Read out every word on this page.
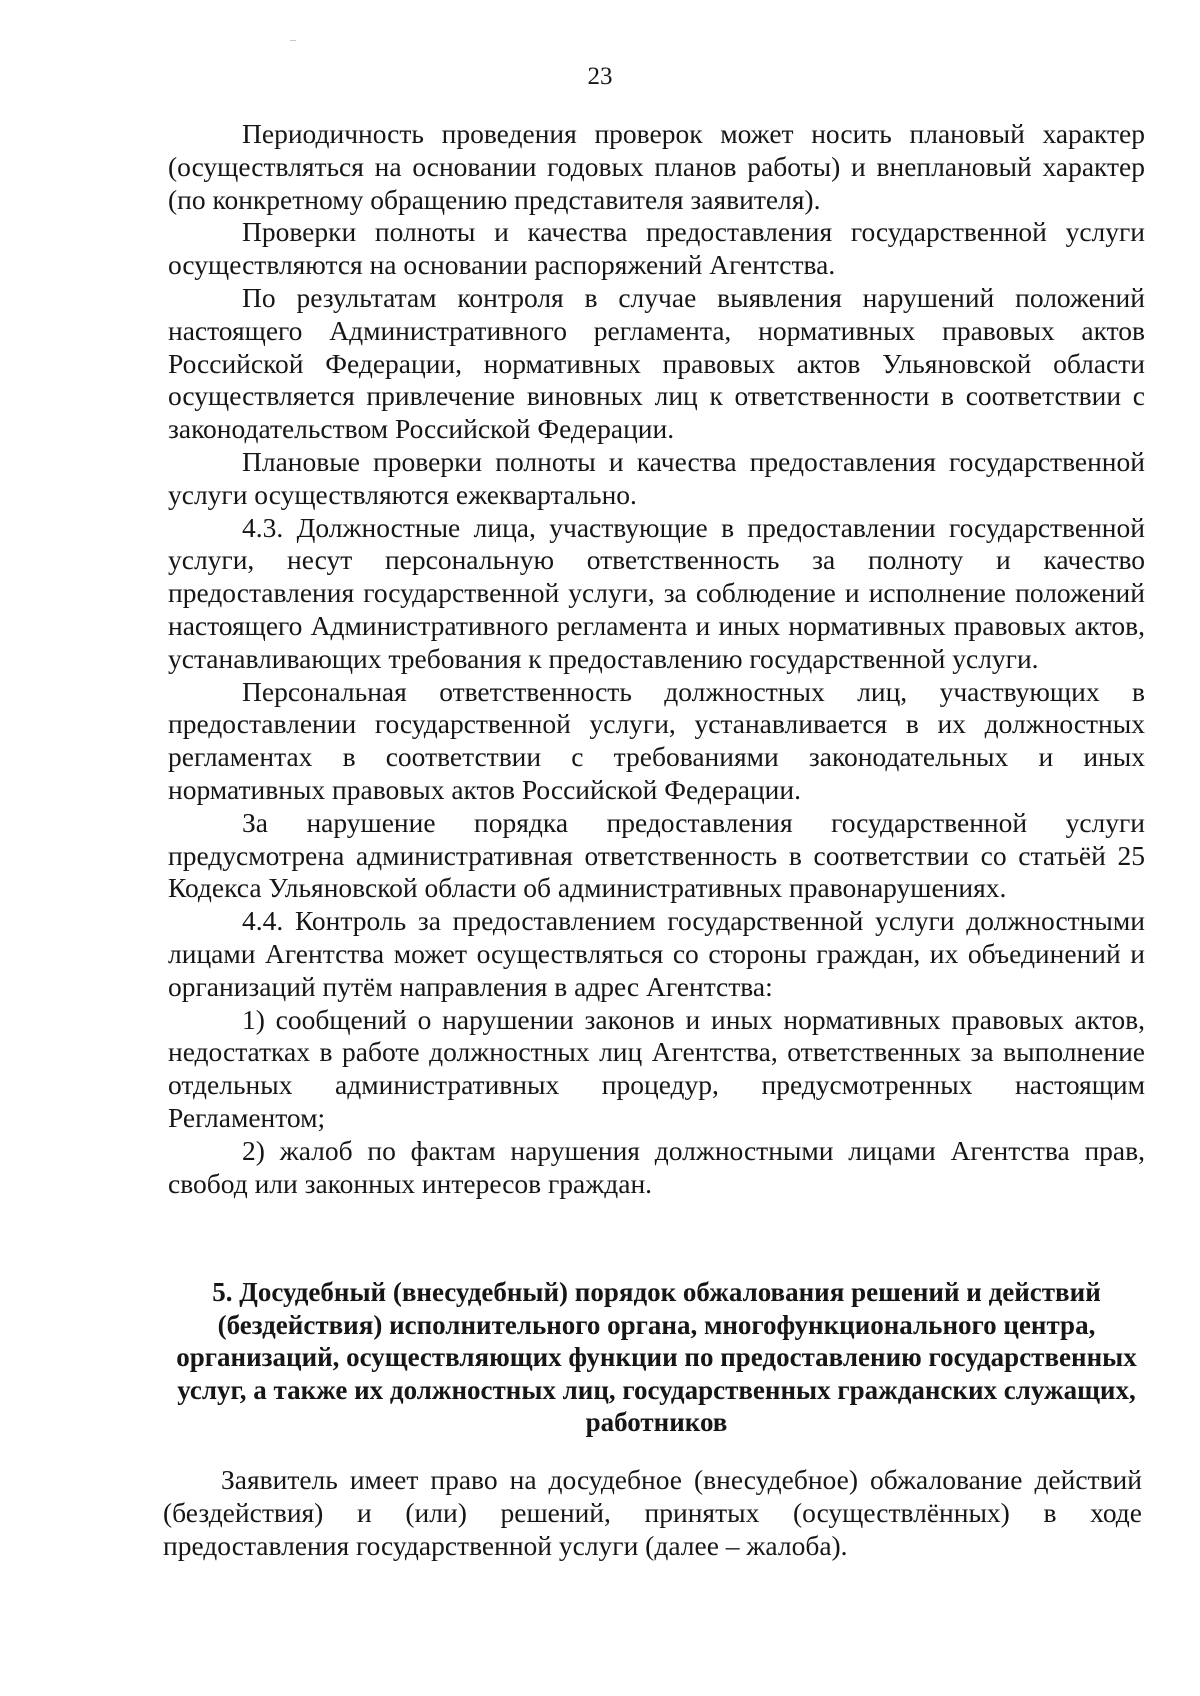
23

Периодичность проведения проверок может носить плановый характер (осуществляться на основании годовых планов работы) и внеплановый характер (по конкретному обращению представителя заявителя).

Проверки полноты и качества предоставления государственной услуги осуществляются на основании распоряжений Агентства.

По результатам контроля в случае выявления нарушений положений настоящего Административного регламента, нормативных правовых актов Российской Федерации, нормативных правовых актов Ульяновской области осуществляется привлечение виновных лиц к ответственности в соответствии с законодательством Российской Федерации.

Плановые проверки полноты и качества предоставления государственной услуги осуществляются ежеквартально.

4.3. Должностные лица, участвующие в предоставлении государственной услуги, несут персональную ответственность за полноту и качество предоставления государственной услуги, за соблюдение и исполнение положений настоящего Административного регламента и иных нормативных правовых актов, устанавливающих требования к предоставлению государственной услуги.

Персональная ответственность должностных лиц, участвующих в предоставлении государственной услуги, устанавливается в их должностных регламентах в соответствии с требованиями законодательных и иных нормативных правовых актов Российской Федерации.

За нарушение порядка предоставления государственной услуги предусмотрена административная ответственность в соответствии со статьёй 25 Кодекса Ульяновской области об административных правонарушениях.

4.4. Контроль за предоставлением государственной услуги должностными лицами Агентства может осуществляться со стороны граждан, их объединений и организаций путём направления в адрес Агентства:

1) сообщений о нарушении законов и иных нормативных правовых актов, недостатках в работе должностных лиц Агентства, ответственных за выполнение отдельных административных процедур, предусмотренных настоящим Регламентом;

2) жалоб по фактам нарушения должностными лицами Агентства прав, свобод или законных интересов граждан.

5. Досудебный (внесудебный) порядок обжалования решений и действий (бездействия) исполнительного органа, многофункционального центра, организаций, осуществляющих функции по предоставлению государственных услуг, а также их должностных лиц, государственных гражданских служащих, работников

Заявитель имеет право на досудебное (внесудебное) обжалование действий (бездействия) и (или) решений, принятых (осуществлённых) в ходе предоставления государственной услуги (далее – жалоба).
